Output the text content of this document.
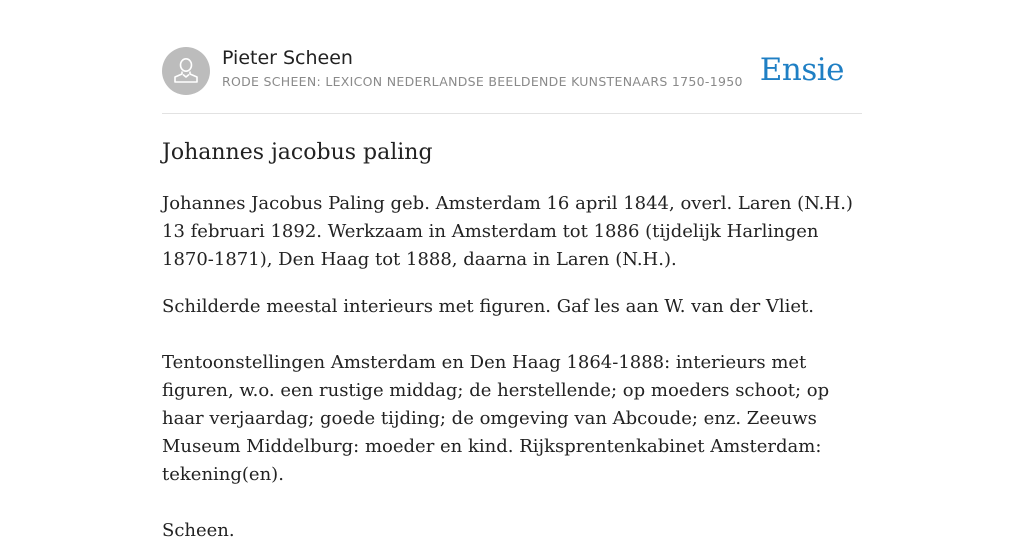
Pieter Scheen
RODE SCHEEN: LEXICON NEDERLANDSE BEELDENDE KUNSTENAARS 1750-1950 Ensie
Johannes jacobus paling

Johannes Jacobus Paling geb. Amsterdam 16 april 1844, overl. Laren (N.H.) 13 februari 1892. Werkzaam in Amsterdam tot 1886 (tijdelijk Harlingen 1870-1871), Den Haag tot 1888, daarna in Laren (N.H.).

Schilderde meestal interieurs met figuren. Gaf les aan W. van der Vliet.

Tentoonstellingen Amsterdam en Den Haag 1864-1888: interieurs met figuren, w.o. een rustige middag; de herstellende; op moeders schoot; op haar verjaardag; goede tijding; de omgeving van Abcoude; enz. Zeeuws Museum Middelburg: moeder en kind. Rijksprentenkabinet Amsterdam: tekening(en).

Scheen.
